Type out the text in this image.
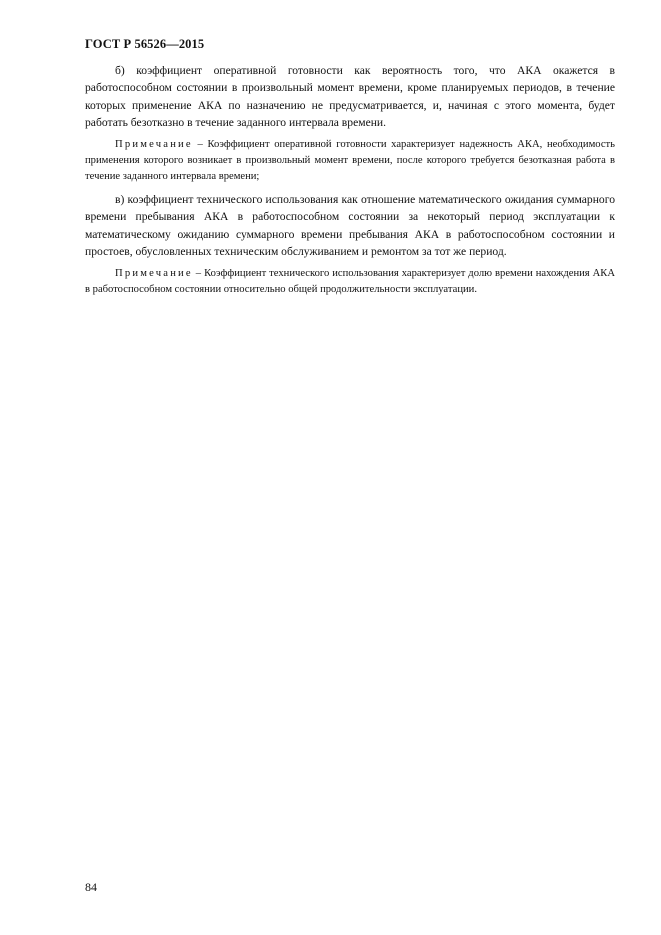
ГОСТ Р 56526—2015

б) коэффициент оперативной готовности как вероятность того, что АКА окажется в работоспособном состоянии в произвольный момент времени, кроме планируемых периодов, в течение которых применение АКА по назначению не предусматривается, и, начиная с этого момента, будет работать безотказно в течение заданного интервала времени.

Примечание – Коэффициент оперативной готовности характеризует надежность АКА, необходимость применения которого возникает в произвольный момент времени, после которого требуется безотказная работа в течение заданного интервала времени;

в) коэффициент технического использования как отношение математического ожидания суммарного времени пребывания АКА в работоспособном состоянии за некоторый период эксплуатации к математическому ожиданию суммарного времени пребывания АКА в работоспособном состоянии и простоев, обусловленных техническим обслуживанием и ремонтом за тот же период.

Примечание – Коэффициент технического использования характеризует долю времени нахождения АКА в работоспособном состоянии относительно общей продолжительности эксплуатации.

84
